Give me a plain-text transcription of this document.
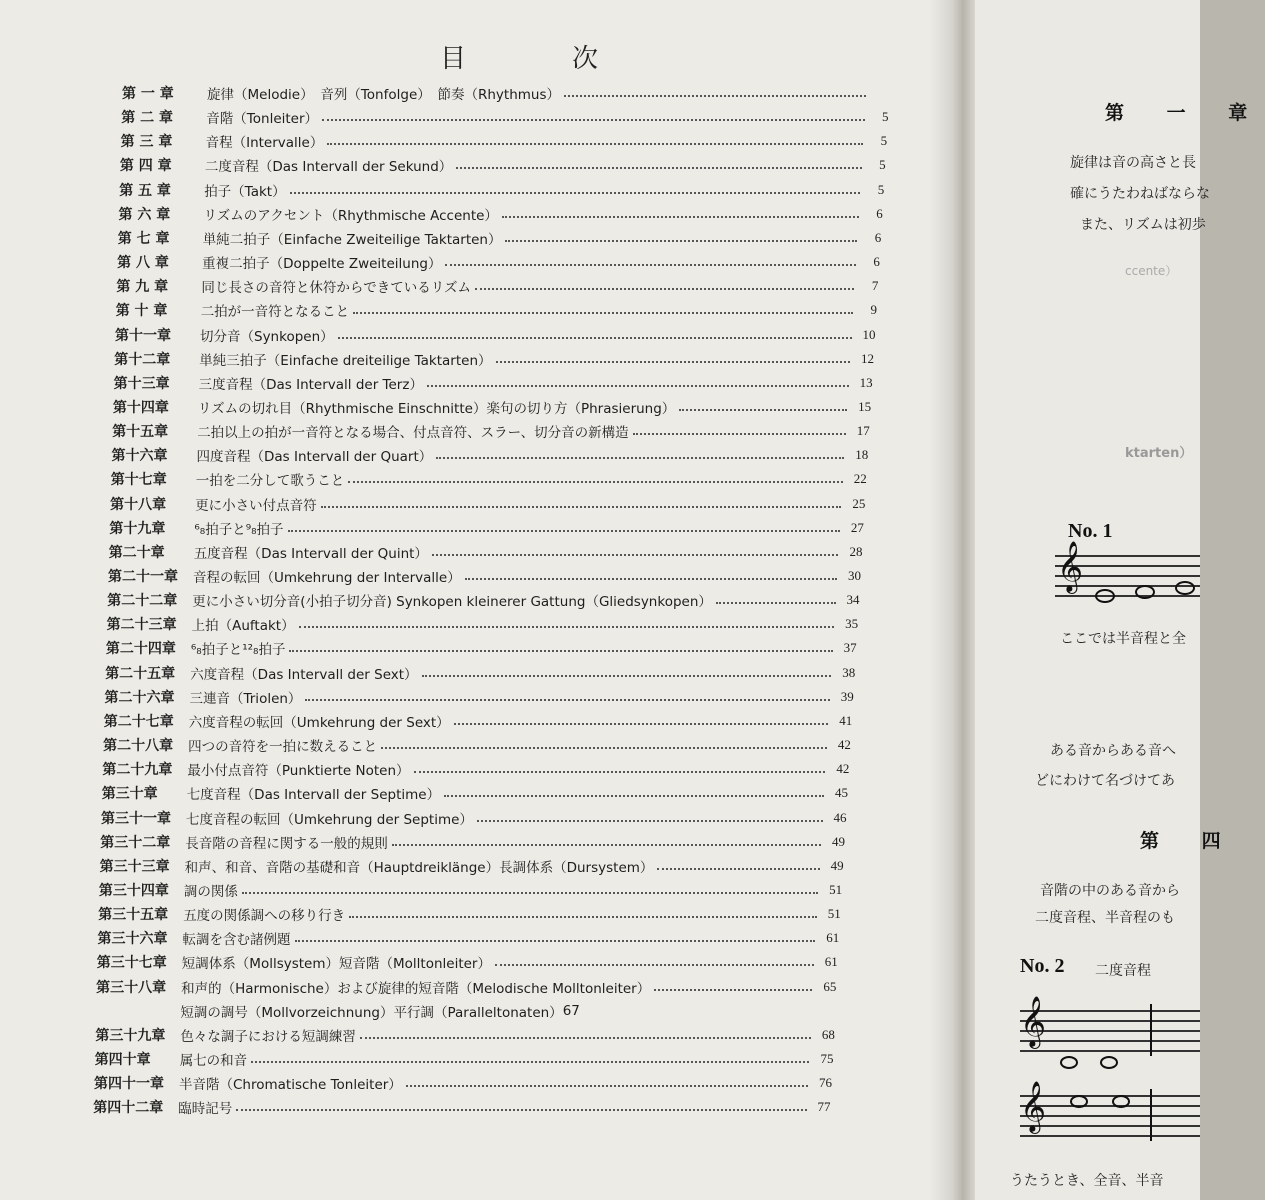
目	次
第 一 章	旋律（Melodie）　音列（Tonfolge）　節奏（Rhythmus）
第 二 章	音階（Tonleiter）	5
第 三 章	音程（Intervalle）	5
第 四 章	二度音程（Das Intervall der Sekund）	5
第 五 章	拍子（Takt）	5
第 六 章	リズムのアクセント（Rhythmische Accente）	6
第 七 章	単純二拍子（Einfache Zweiteilige Taktarten）	6
第 八 章	重複二拍子（Doppelte Zweiteilung）	6
第 九 章	同じ長さの音符と休符からできているリズム	7
第 十 章	二拍が一音符となること	9
第十一章	切分音（Synkopen）	10
第十二章	単純三拍子（Einfache dreiteilige Taktarten）	12
第十三章	三度音程（Das Intervall der Terz）	13
第十四章	リズムの切れ目（Rhythmische Einschnitte）楽句の切り方（Phrasierung）	15
第十五章	二拍以上の拍が一音符となる場合、付点音符、スラー、切分音の新構造	17
第十六章	四度音程（Das Intervall der Quart）	18
第十七章	一拍を二分して歌うこと	22
第十八章	更に小さい付点音符	25
第十九章	⁶₈拍子と⁹₈拍子	27
第二十章	五度音程（Das Intervall der Quint）	28
第二十一章	音程の転回（Umkehrung der Intervalle）	30
第二十二章	更に小さい切分音(小拍子切分音) Synkopen kleinerer Gattung（Gliedsynkopen）	34
第二十三章	上拍（Auftakt）	35
第二十四章	⁶₈拍子と¹²₈拍子	37
第二十五章	六度音程（Das Intervall der Sext）	38
第二十六章	三連音（Triolen）	39
第二十七章	六度音程の転回（Umkehrung der Sext）	41
第二十八章	四つの音符を一拍に数えること	42
第二十九章	最小付点音符（Punktierte Noten）	42
第三十章	七度音程（Das Intervall der Septime）	45
第三十一章	七度音程の転回（Umkehrung der Septime）	46
第三十二章	長音階の音程に関する一般的規則	49
第三十三章	和声、和音、音階の基礎和音（Hauptdreiklänge）長調体系（Dursystem）	49
第三十四章	調の関係	51
第三十五章	五度の関係調への移り行き	51
第三十六章	転調を含む諸例題	61
第三十七章	短調体系（Mollsystem）短音階（Molltonleiter）	61
第三十八章	和声的（Harmonische）および旋律的短音階（Melodische Molltonleiter）	65
第三十九章	色々な調子における短調練習	68
第四十章	属七の和音	75
第四十一章	半音階（Chromatische Tonleiter）	76
第四十二章	臨時記号	77
短調の調号（Mollvorzeichnung）平行調（Paralleltonaten） 67
第 一 章
旋律は音の高さと長
確にうたわねばならな
また、リズムは初歩
ccente）
ktarten）
No. 1
𝄞
ここでは半音程と全
ある音からある音へ
どにわけて名づけてあ
第 四
音階の中のある音から
二度音程、半音程のも
No. 2 二度音程
𝄞
𝄞
うたうとき、全音、半音
